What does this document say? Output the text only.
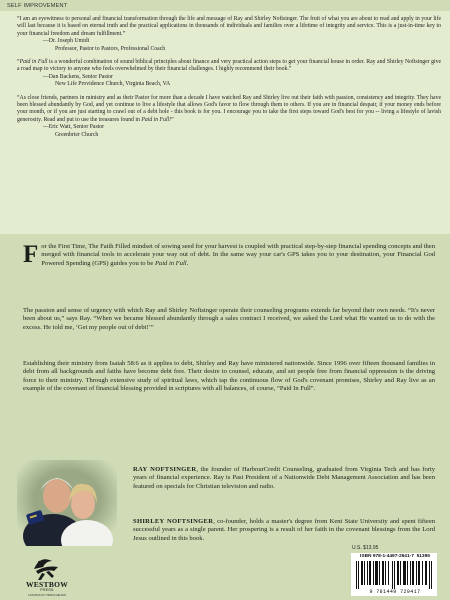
SELF IMPROVEMENT

“I am an eyewitness to personal and financial transformation through the life and message of Ray and Shirley Noftsinger. The fruit of what you are about to read and apply in your life will last because it is based on eternal truth and the practical applications in thousands of individuals and families over a lifetime of integrity and service. This is a just-in-time key to your financial freedom and dream fulfillment.”

—Dr. Joseph Umidi
Professor, Pastor to Pastors, Professional Coach

“Paid in Full is a wonderful combination of sound biblical principles about finance and very practical action steps to get your financial house in order. Ray and Shirley Noftsinger give a road map to victory to anyone who feels overwhelmed by their financial challenges. I highly recommend their book.”

—Dan Backens, Senior Pastor
New Life Providence Church, Virginia Beach, VA

“As close friends, partners in ministry and as their Pastor for more than a decade I have watched Ray and Shirley live out their faith with passion, consistency and integrity. They have been blessed abundantly by God, and yet continue to live a lifestyle that allows God's favor to flow through them to others. If you are in financial despair, if your money ends before your month, or if you are just starting to crawl out of a debt hole - this book is for you. I encourage you to take the first steps toward God's best for you -- living a lifestyle of lavish generosity. Read and put to use the treasures found in Paid in Full!”

—Eric Watt, Senior Pastor
Greenbrier Church
For the First Time, The Faith Filled mindset of sowing seed for your harvest is coupled with practical step-by-step financial spending concepts and then merged with financial tools to accelerate your way out of debt. In the same way your car's GPS takes you to your destination, your Financial God Powered Spending (GPS) guides you to be Paid in Full.
The passion and sense of urgency with which Ray and Shirley Noftsinger operate their counseling programs extends far beyond their own needs. “It's never been about us,” says Ray. “When we became blessed abundantly through a sales contract I received, we asked the Lord what He wanted us to do with the excess. He told me, ‘Get my people out of debt!’”
Establishing their ministry from Isaiah 58:6 as it applies to debt, Shirley and Ray have ministered nationwide. Since 1996 over fifteen thousand families in debt from all backgrounds and faiths have become debt free. Their desire to counsel, educate, and set people free from financial oppression is the driving force to their ministry. Through extensive study of spiritual laws, which tap the continuous flow of God's covenant promises, Shirley and Ray live as an example of the covenant of financial blessing provided in scriptures with all balances, of course, “Paid In Full”.
RAY NOFTSINGER, the founder of HarbourCredit Counseling, graduated from Virginia Tech and has forty years of financial experience. Ray is Past President of a Nationwide Debt Management Association and has been featured on specials for Christian television and radio.
SHIRLEY NOFTSINGER, co-founder, holds a master's degree from Kent State University and spent fifteen successful years as a single parent. Her prospering is a result of her faith in the covenant blessings from the Lord Jesus outlined in this book.
WESTBOW
PRESS
A DIVISION OF THOMAS NELSON
U.S. $13.95
ISBN 978-1-4497-2941-7 51395
9 781449 729417
